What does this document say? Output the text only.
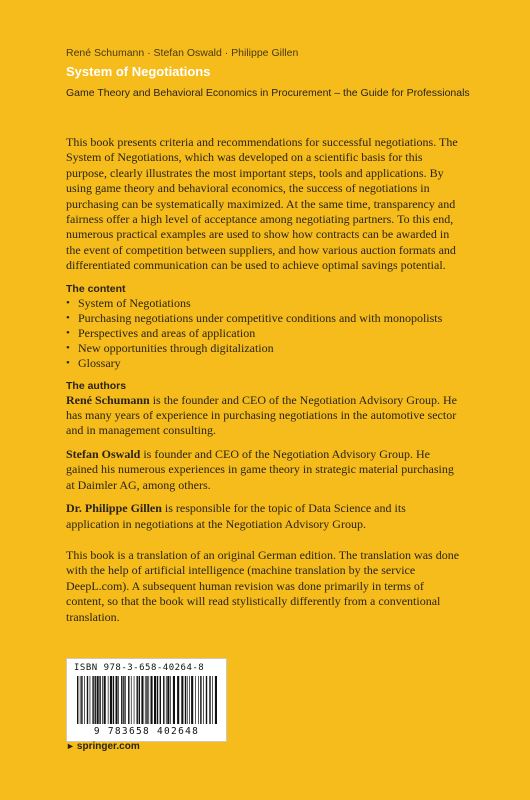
René Schumann · Stefan Oswald · Philippe Gillen
System of Negotiations
Game Theory and Behavioral Economics in Procurement – the Guide for Professionals

This book presents criteria and recommendations for successful negotiations. The System of Negotiations, which was developed on a scientific basis for this purpose, clearly illustrates the most important steps, tools and applications. By using game theory and behavioral economics, the success of negotiations in purchasing can be systematically maximized. At the same time, transparency and fairness offer a high level of acceptance among negotiating partners. To this end, numerous practical examples are used to show how contracts can be awarded in the event of competition between suppliers, and how various auction formats and differentiated communication can be used to achieve optimal savings potential.

The content
• System of Negotiations
• Purchasing negotiations under competitive conditions and with monopolists
• Perspectives and areas of application
• New opportunities through digitalization
• Glossary
The authors

René Schumann is the founder and CEO of the Negotiation Advisory Group. He has many years of experience in purchasing negotiations in the automotive sector and in management consulting.

Stefan Oswald is founder and CEO of the Negotiation Advisory Group. He gained his numerous experiences in game theory in strategic material purchasing at Daimler AG, among others.

Dr. Philippe Gillen is responsible for the topic of Data Science and its application in negotiations at the Negotiation Advisory Group.

This book is a translation of an original German edition. The translation was done with the help of artificial intelligence (machine translation by the service DeepL.com). A subsequent human revision was done primarily in terms of content, so that the book will read stylistically differently from a conventional translation.

ISBN 978-3-658-40264-8
9 783658 402648
► springer.com
